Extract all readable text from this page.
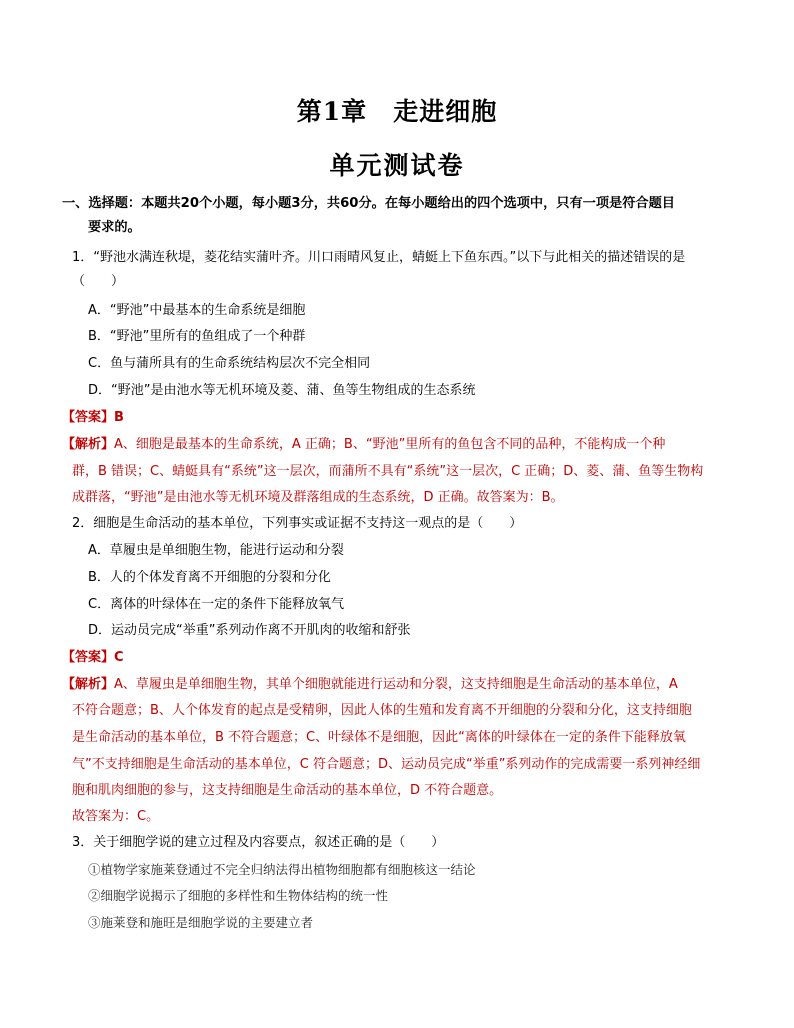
第1章 走进细胞
单元测试卷
一、选择题：本题共20个小题，每小题3分，共60分。在每小题给出的四个选项中，只有一项是符合题目
要求的。
1．“野池水满连秋堤，菱花结实蒲叶齐。川口雨晴风复止，蜻蜓上下鱼东西。”以下与此相关的描述错误的是
（　　）
A．“野池”中最基本的生命系统是细胞
B．“野池”里所有的鱼组成了一个种群
C．鱼与蒲所具有的生命系统结构层次不完全相同
D．“野池”是由池水等无机环境及菱、蒲、鱼等生物组成的生态系统
【答案】B
【解析】A、细胞是最基本的生命系统，A 正确；B、“野池”里所有的鱼包含不同的品种，不能构成一个种
群，B 错误；C、蜻蜓具有“系统”这一层次，而蒲所不具有“系统”这一层次，C 正确；D、菱、蒲、鱼等生物构
成群落，“野池”是由池水等无机环境及群落组成的生态系统，D 正确。故答案为：B。
2．细胞是生命活动的基本单位，下列事实或证据不支持这一观点的是（　　）
A．草履虫是单细胞生物，能进行运动和分裂
B．人的个体发育离不开细胞的分裂和分化
C．离体的叶绿体在一定的条件下能释放氧气
D．运动员完成“举重”系列动作离不开肌肉的收缩和舒张
【答案】C
【解析】A、草履虫是单细胞生物，其单个细胞就能进行运动和分裂，这支持细胞是生命活动的基本单位，A
不符合题意；B、人个体发育的起点是受精卵，因此人体的生殖和发育离不开细胞的分裂和分化，这支持细胞
是生命活动的基本单位，B 不符合题意；C、叶绿体不是细胞，因此“离体的叶绿体在一定的条件下能释放氧
气”不支持细胞是生命活动的基本单位，C 符合题意；D、运动员完成“举重”系列动作的完成需要一系列神经细
胞和肌肉细胞的参与，这支持细胞是生命活动的基本单位，D 不符合题意。
故答案为：C。
3．关于细胞学说的建立过程及内容要点，叙述正确的是（　　）
①植物学家施莱登通过不完全归纳法得出植物细胞都有细胞核这一结论
②细胞学说揭示了细胞的多样性和生物体结构的统一性
③施莱登和施旺是细胞学说的主要建立者
